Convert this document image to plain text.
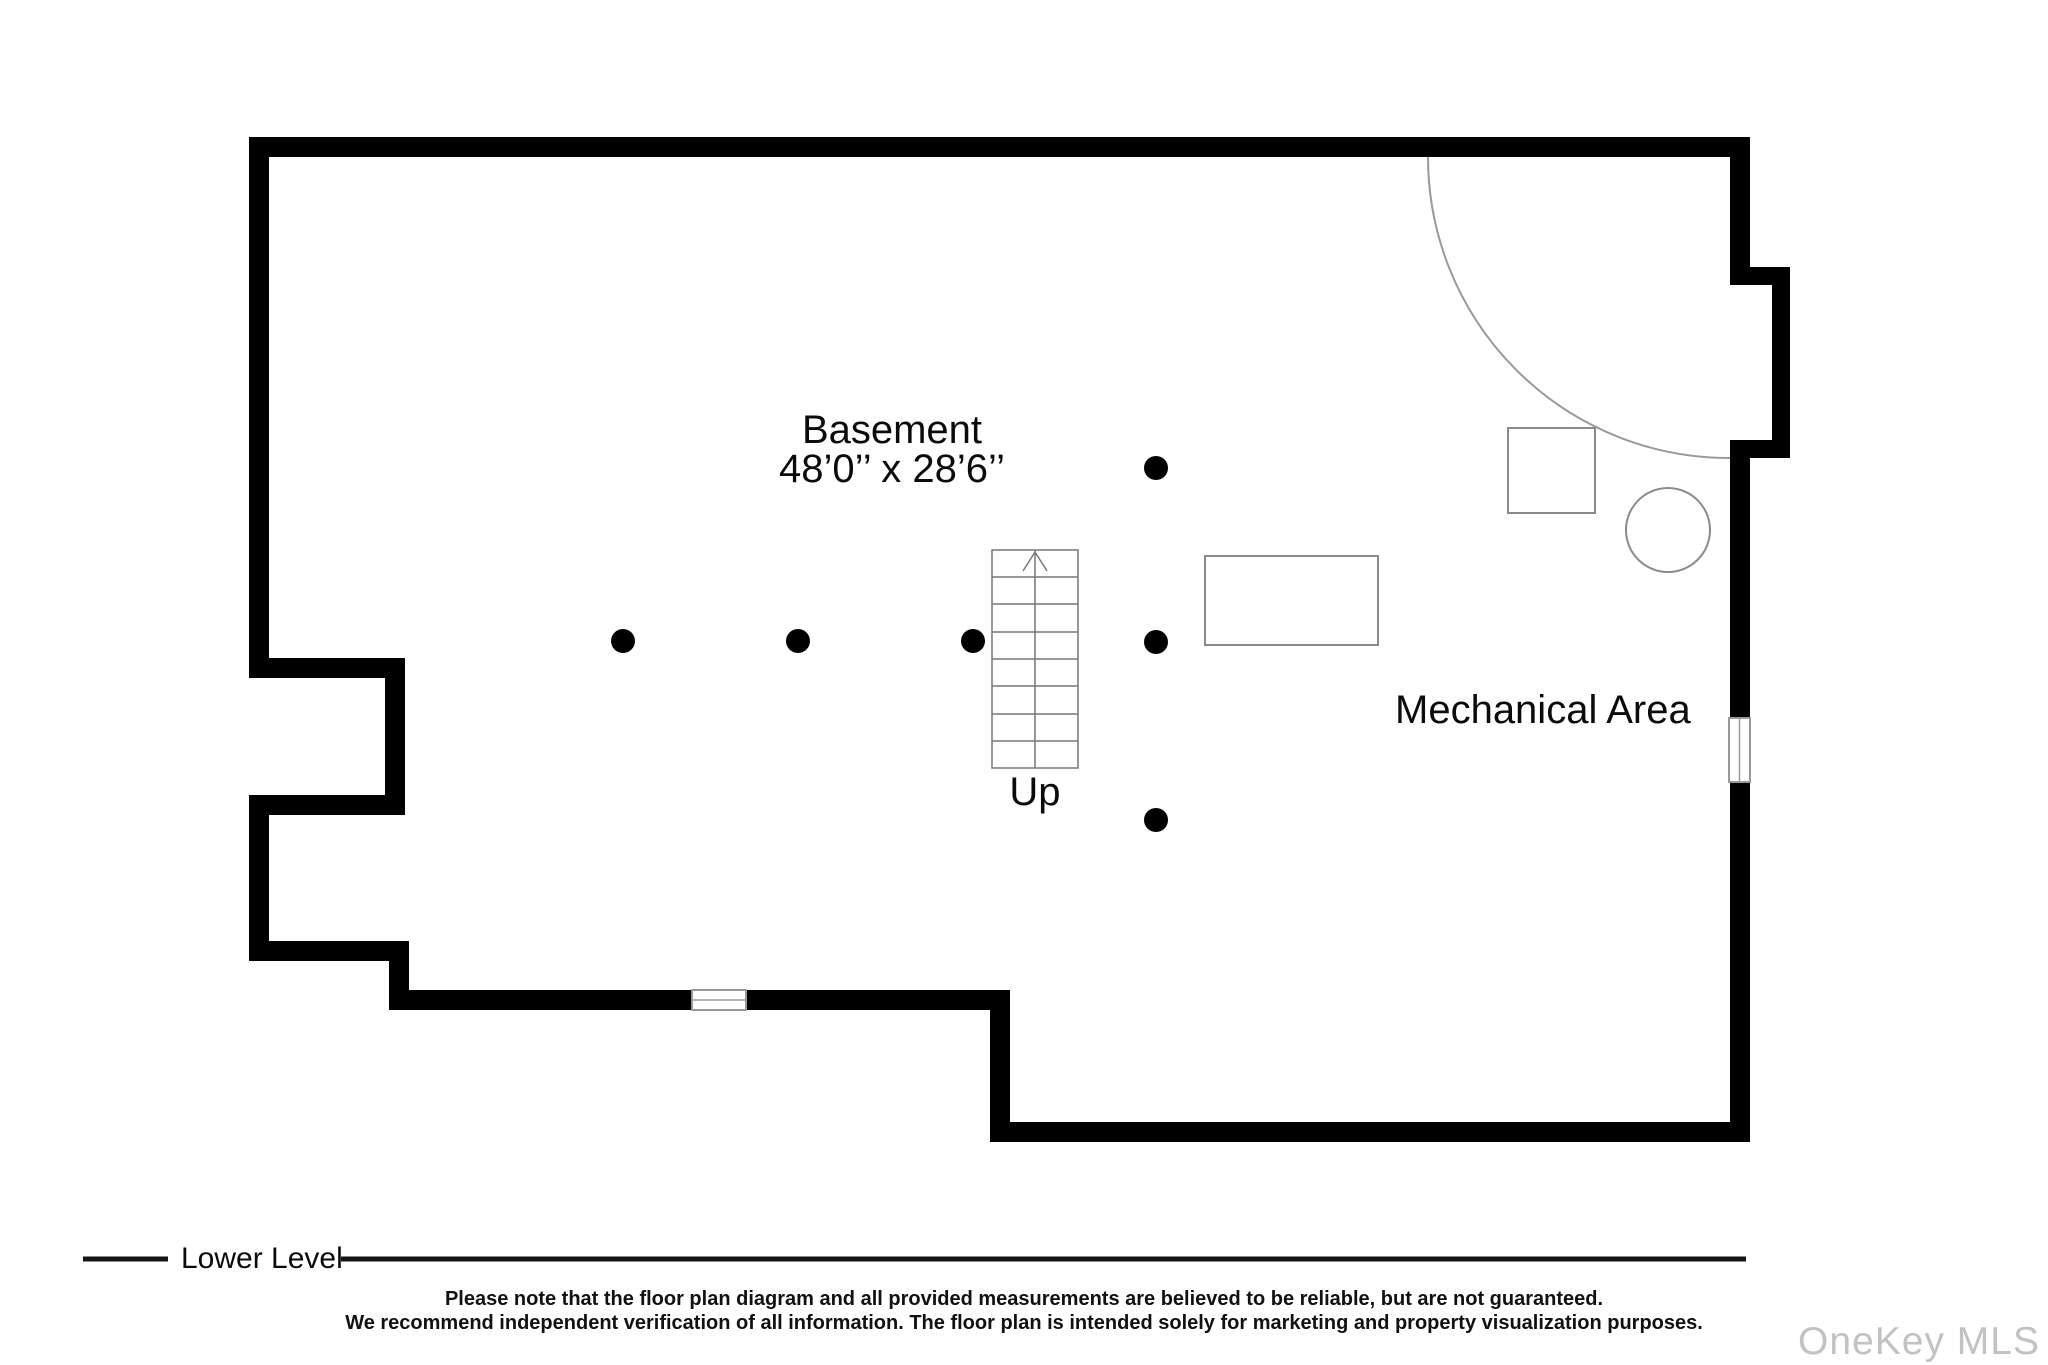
Basement
48’0’’ x 28’6’’
Up
Mechanical Area
Lower Level
Please note that the floor plan diagram and all provided measurements are believed to be reliable, but are not guaranteed.
We recommend independent verification of all information. The floor plan is intended solely for marketing and property visualization purposes.	OneKey MLS
